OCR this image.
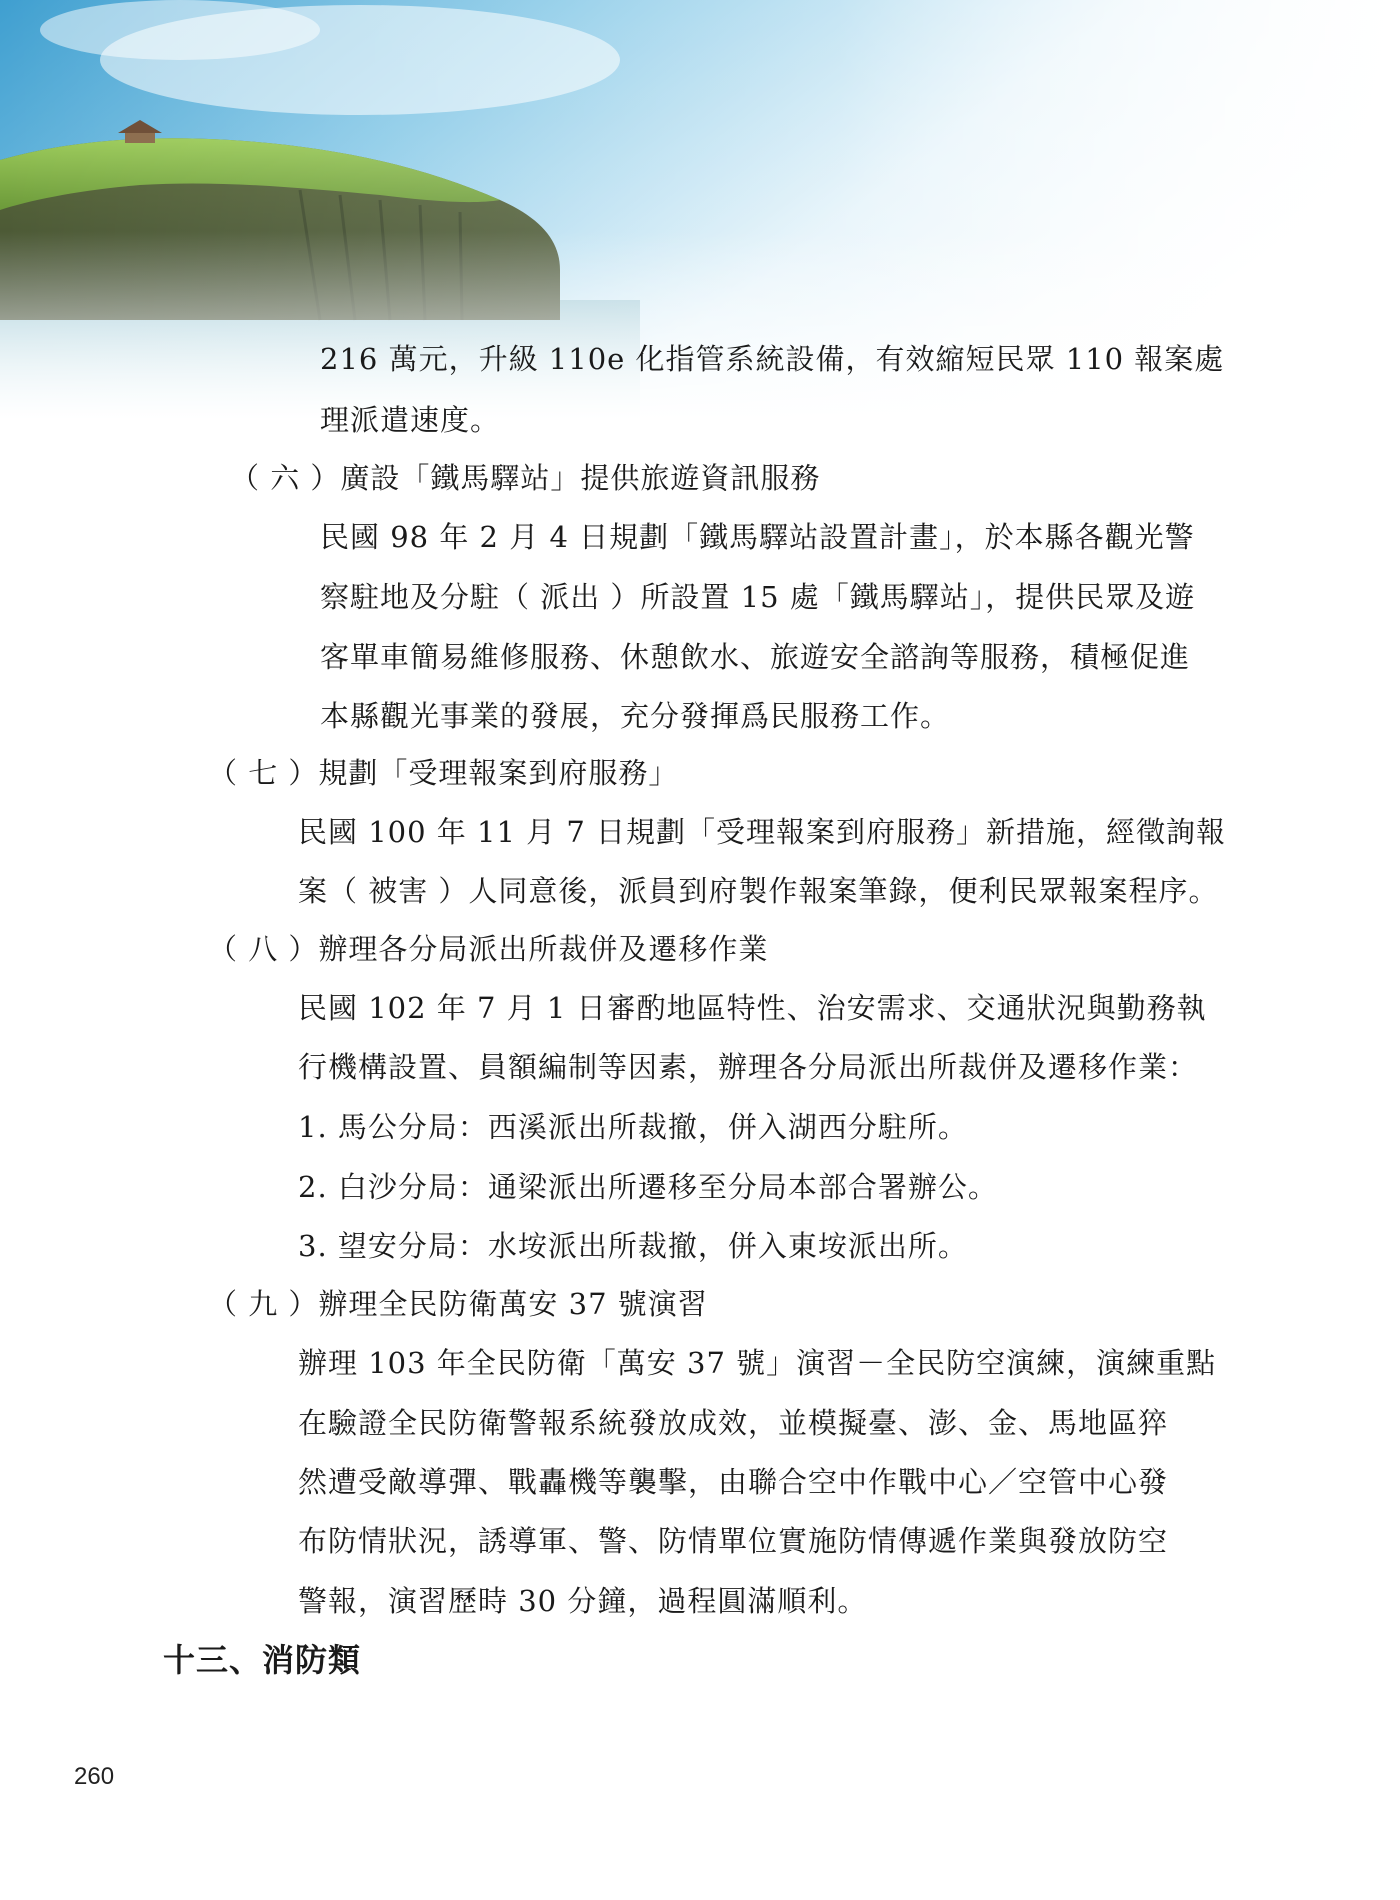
216 萬元，升級 110e 化指管系統設備，有效縮短民眾 110 報案處
理派遣速度。
（ 六 ）廣設「鐵馬驛站」提供旅遊資訊服務
民國 98 年 2 月 4 日規劃「鐵馬驛站設置計畫」，於本縣各觀光警
察駐地及分駐（ 派出 ）所設置 15 處「鐵馬驛站」，提供民眾及遊
客單車簡易維修服務、休憩飲水、旅遊安全諮詢等服務，積極促進
本縣觀光事業的發展，充分發揮爲民服務工作。
（ 七 ）規劃「受理報案到府服務」
民國 100 年 11 月 7 日規劃「受理報案到府服務」新措施，經徵詢報
案（ 被害 ）人同意後，派員到府製作報案筆錄，便利民眾報案程序。
（ 八 ）辦理各分局派出所裁併及遷移作業
民國 102 年 7 月 1 日審酌地區特性、治安需求、交通狀況與勤務執
行機構設置、員額編制等因素，辦理各分局派出所裁併及遷移作業：
1. 馬公分局：西溪派出所裁撤，併入湖西分駐所。
2. 白沙分局：通梁派出所遷移至分局本部合署辦公。
3. 望安分局：水垵派出所裁撤，併入東垵派出所。
（ 九 ）辦理全民防衛萬安 37 號演習
辦理 103 年全民防衛「萬安 37 號」演習－全民防空演練，演練重點
在驗證全民防衛警報系統發放成效，並模擬臺、澎、金、馬地區猝
然遭受敵導彈、戰轟機等襲擊，由聯合空中作戰中心／空管中心發
布防情狀況，誘導軍、警、防情單位實施防情傳遞作業與發放防空
警報，演習歷時 30 分鐘，過程圓滿順利。
十三、消防類
260
